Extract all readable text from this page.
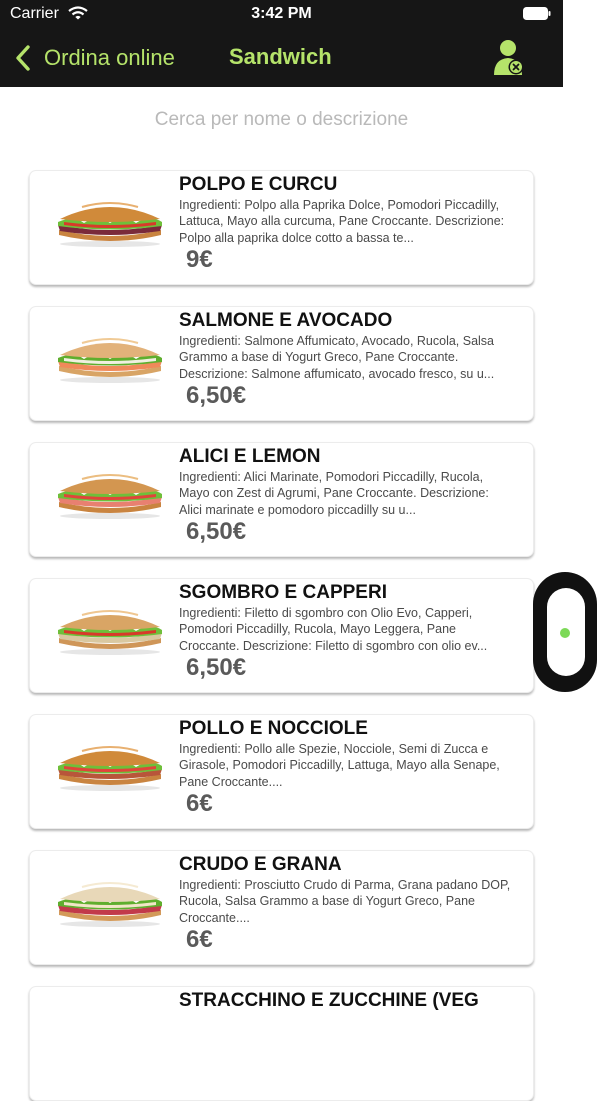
Carrier	3:42 PM
Ordina online Sandwich
Cerca per nome o descrizione
POLPO E CURCU
Ingredienti: Polpo alla Paprika Dolce, Pomodori Piccadilly, Lattuca, Mayo alla curcuma, Pane Croccante. Descrizione: Polpo alla paprika dolce cotto a bassa te...
9€
SALMONE E AVOCADO
Ingredienti: Salmone Affumicato, Avocado, Rucola, Salsa Grammo a base di Yogurt Greco, Pane Croccante. Descrizione: Salmone affumicato, avocado fresco, su u...
6,50€
ALICI E LEMON
Ingredienti: Alici Marinate, Pomodori Piccadilly, Rucola, Mayo con Zest di Agrumi, Pane Croccante. Descrizione: Alici marinate e pomodoro piccadilly su u...
6,50€
SGOMBRO E CAPPERI
Ingredienti: Filetto di sgombro con Olio Evo, Capperi, Pomodori Piccadilly, Rucola, Mayo Leggera, Pane Croccante. Descrizione: Filetto di sgombro con olio ev...
6,50€
POLLO E NOCCIOLE
Ingredienti: Pollo alle Spezie, Nocciole, Semi di Zucca e Girasole, Pomodori Piccadilly, Lattuga, Mayo alla Senape, Pane Croccante....
6€
CRUDO E GRANA
Ingredienti: Prosciutto Crudo di Parma, Grana padano DOP, Rucola, Salsa Grammo a base di Yogurt Greco, Pane Croccante....
6€
STRACCHINO E ZUCCHINE (VEG
